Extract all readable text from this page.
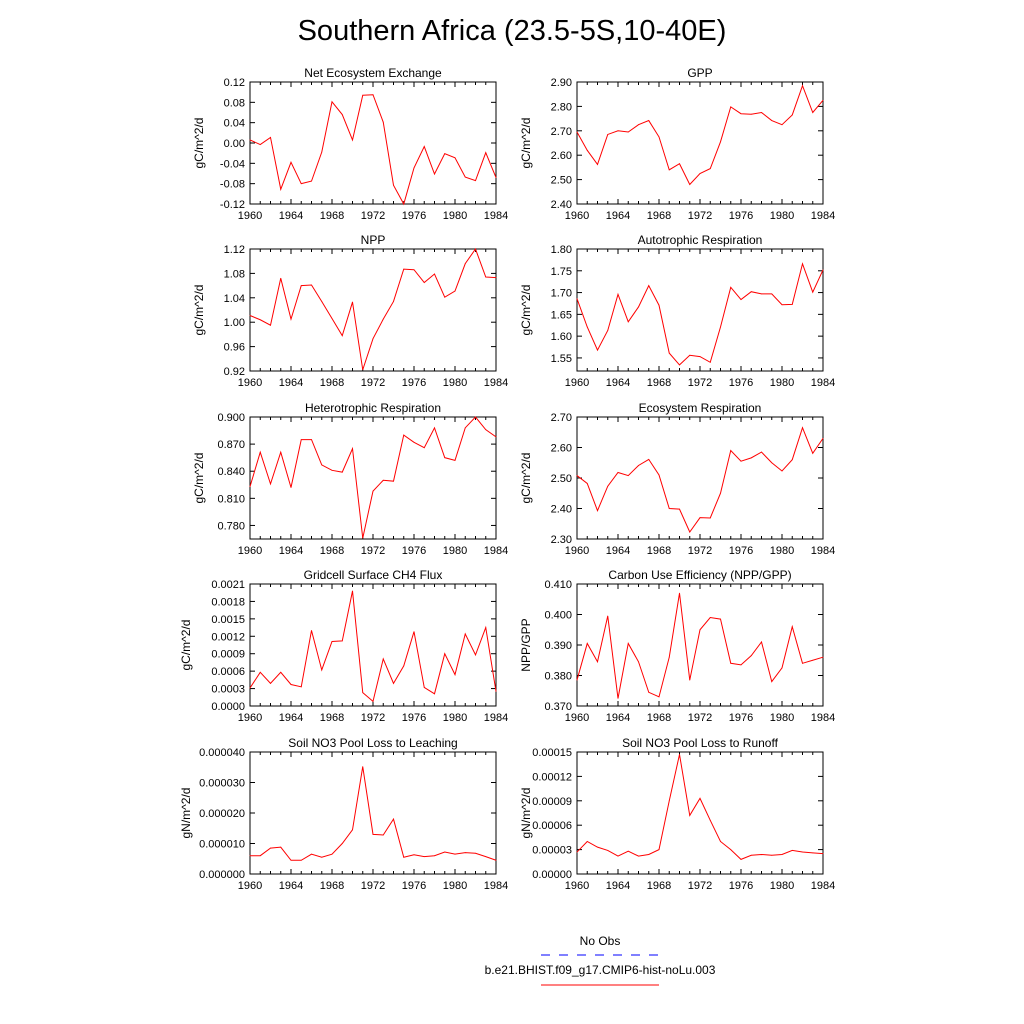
Southern Africa (23.5-5S,10-40E)
Net Ecosystem Exchange
1960 1964 1968 1972 1976 1980 1984
-0.12
-0.08
-0.04
0.00
0.04
0.08
0.12
gC/m^2/d
GPP
1960 1964 1968 1972 1976 1980 1984
2.40
2.50
2.60
2.70
2.80
2.90
gC/m^2/d
NPP
1960 1964 1968 1972 1976 1980 1984
0.92
0.96
1.00
1.04
1.08
1.12
gC/m^2/d
Autotrophic Respiration
1960 1964 1968 1972 1976 1980 1984
1.55
1.60
1.65
1.70
1.75
1.80
gC/m^2/d
Heterotrophic Respiration
1960 1964 1968 1972 1976 1980 1984
0.780
0.810
0.840
0.870
0.900
gC/m^2/d
Ecosystem Respiration
1960 1964 1968 1972 1976 1980 1984
2.30
2.40
2.50
2.60
2.70
gC/m^2/d
Gridcell Surface CH4 Flux
1960 1964 1968 1972 1976 1980 1984
0.0000
0.0003
0.0006
0.0009
0.0012
0.0015
0.0018
0.0021
gC/m^2/d
Carbon Use Efficiency (NPP/GPP)
1960 1964 1968 1972 1976 1980 1984
0.370
0.380
0.390
0.400
0.410
NPP/GPP
Soil NO3 Pool Loss to Leaching
1960 1964 1968 1972 1976 1980 1984
0.000000
0.000010
0.000020
0.000030
0.000040
gN/m^2/d
Soil NO3 Pool Loss to Runoff
1960 1964 1968 1972 1976 1980 1984
0.00000
0.00003
0.00006
0.00009
0.00012
0.00015
gN/m^2/d
No Obs
b.e21.BHIST.f09_g17.CMIP6-hist-noLu.003
